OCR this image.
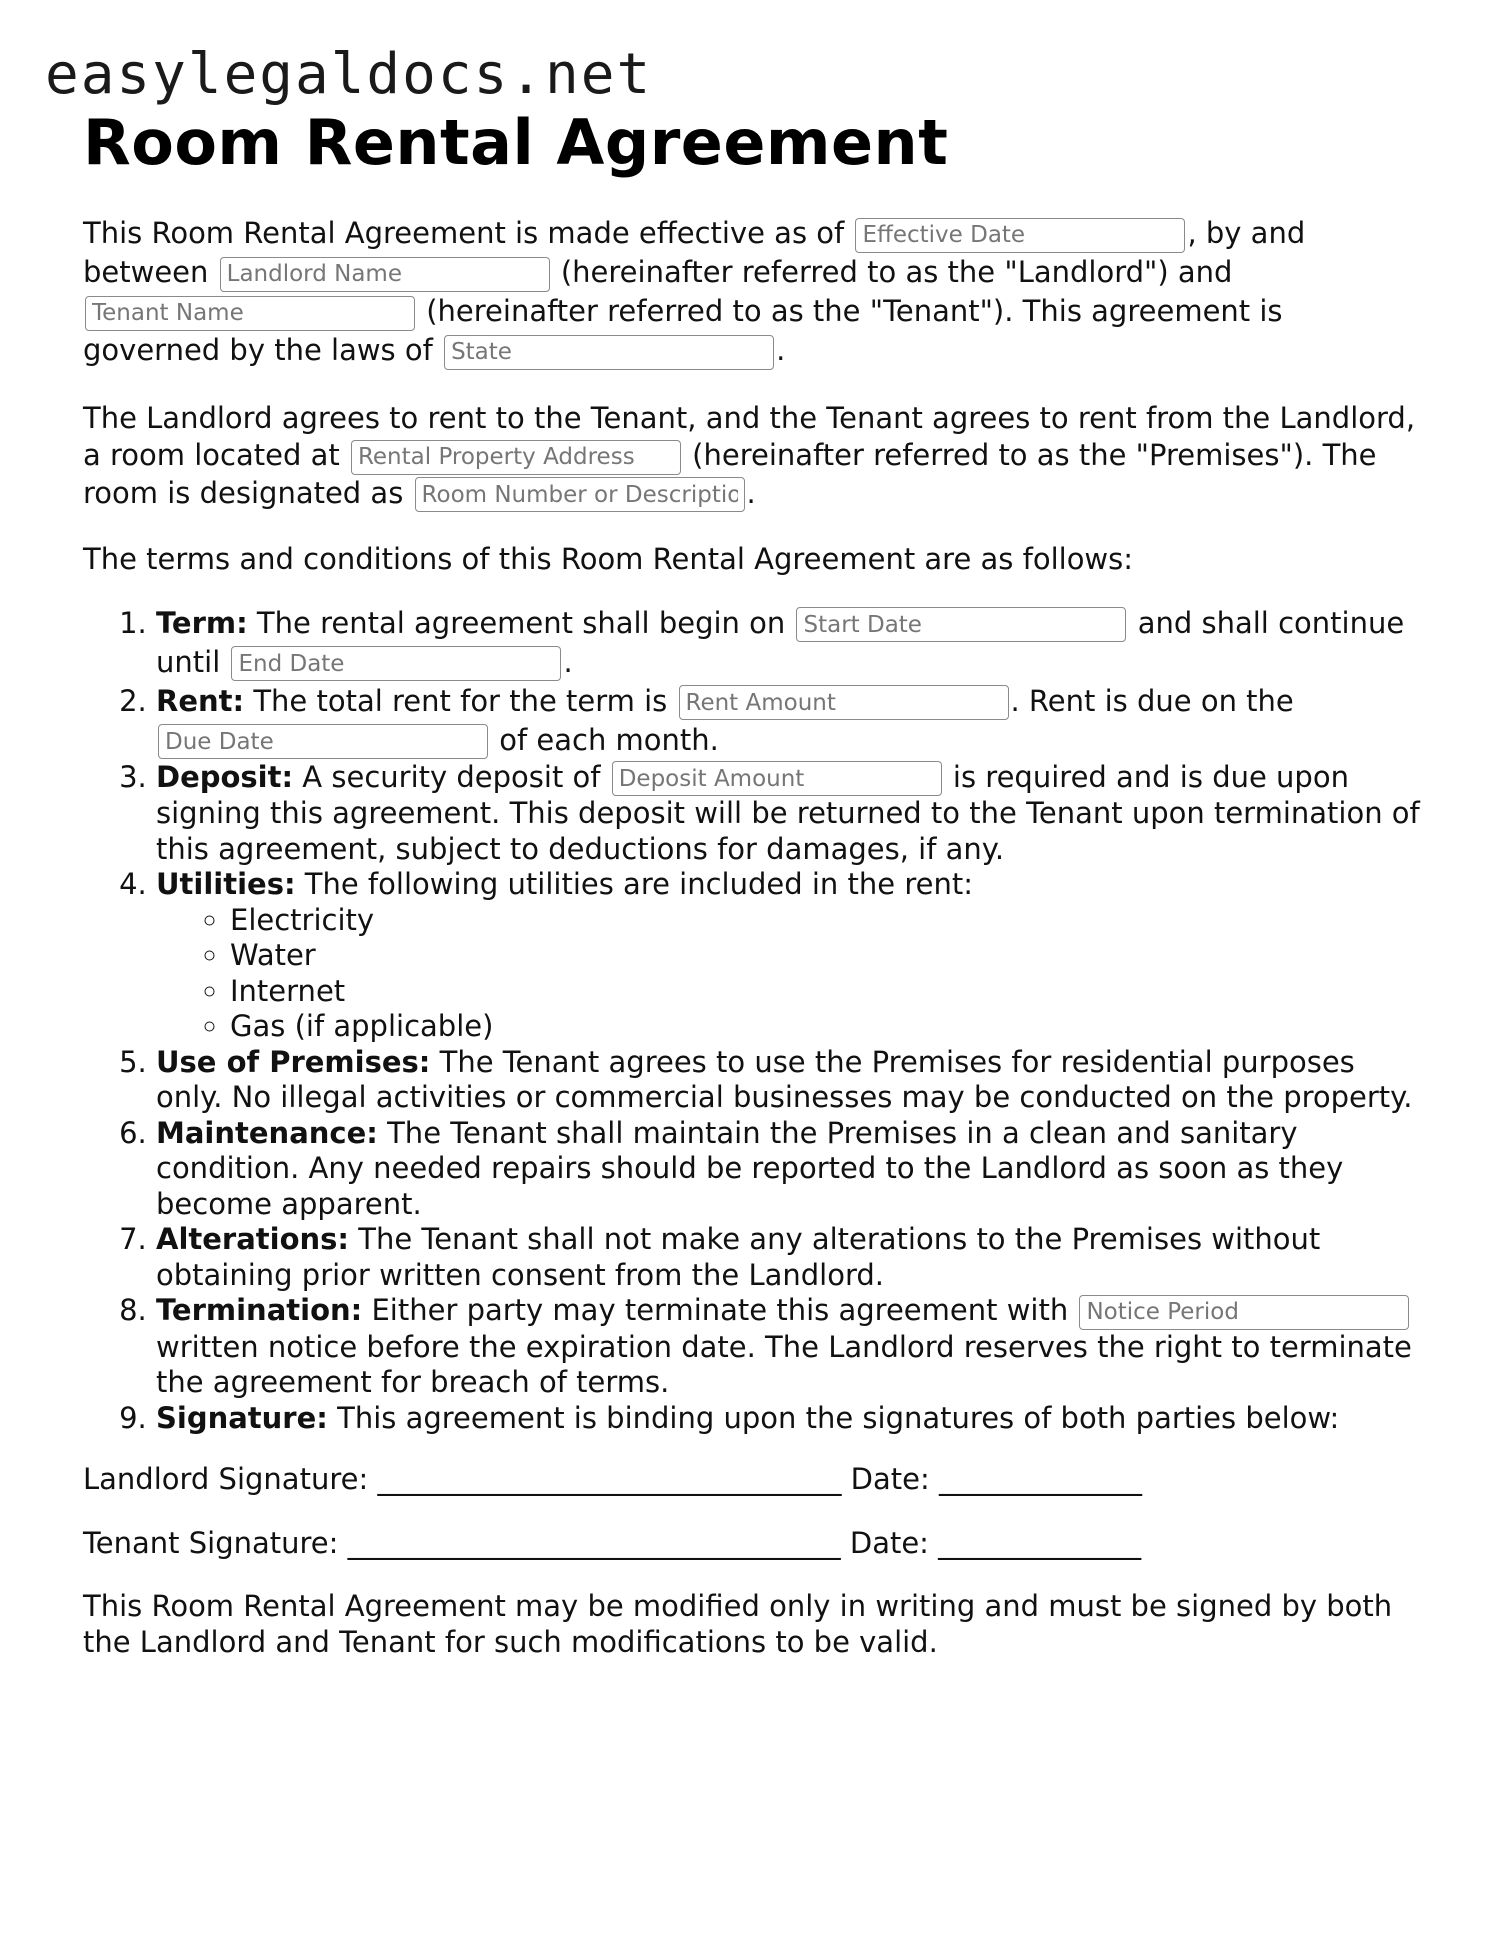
easylegaldocs.net
Room Rental Agreement

This Room Rental Agreement is made effective as of Effective Date	, by and between Landlord Name	(hereinafter referred to as the "Landlord") and Tenant Name (hereinafter referred to as the "Tenant"). This agreement is governed by the laws of State	.

The Landlord agrees to rent to the Tenant, and the Tenant agrees to rent from the Landlord, a room located at Rental Property Address	(hereinafter referred to as the "Premises"). The room is designated as Room Number or Description	.

The terms and conditions of this Room Rental Agreement are as follows:

1. Term: The rental agreement shall begin on Start Date	and shall continue until End Date	.
2. Rent: The total rent for the term is Rent Amount	. Rent is due on the Due Date of each month.
3. Deposit: A security deposit of Deposit Amount	is required and is due upon signing this agreement. This deposit will be returned to the Tenant upon termination of this agreement, subject to deductions for damages, if any.
4. Utilities: The following utilities are included in the rent:
◦ Electricity
◦ Water
◦ Internet
◦ Gas (if applicable)
5. Use of Premises: The Tenant agrees to use the Premises for residential purposes only. No illegal activities or commercial businesses may be conducted on the property.
6. Maintenance: The Tenant shall maintain the Premises in a clean and sanitary condition. Any needed repairs should be reported to the Landlord as soon as they become apparent.
7. Alterations: The Tenant shall not make any alterations to the Premises without obtaining prior written consent from the Landlord.
8. Termination: Either party may terminate this agreement with Notice Period written notice before the expiration date. The Landlord reserves the right to terminate the agreement for breach of terms.
9. Signature: This agreement is binding upon the signatures of both parties below:

Landlord Signature: ________________________________ Date: ______________

Tenant Signature: __________________________________ Date: ______________

This Room Rental Agreement may be modified only in writing and must be signed by both the Landlord and Tenant for such modifications to be valid.
